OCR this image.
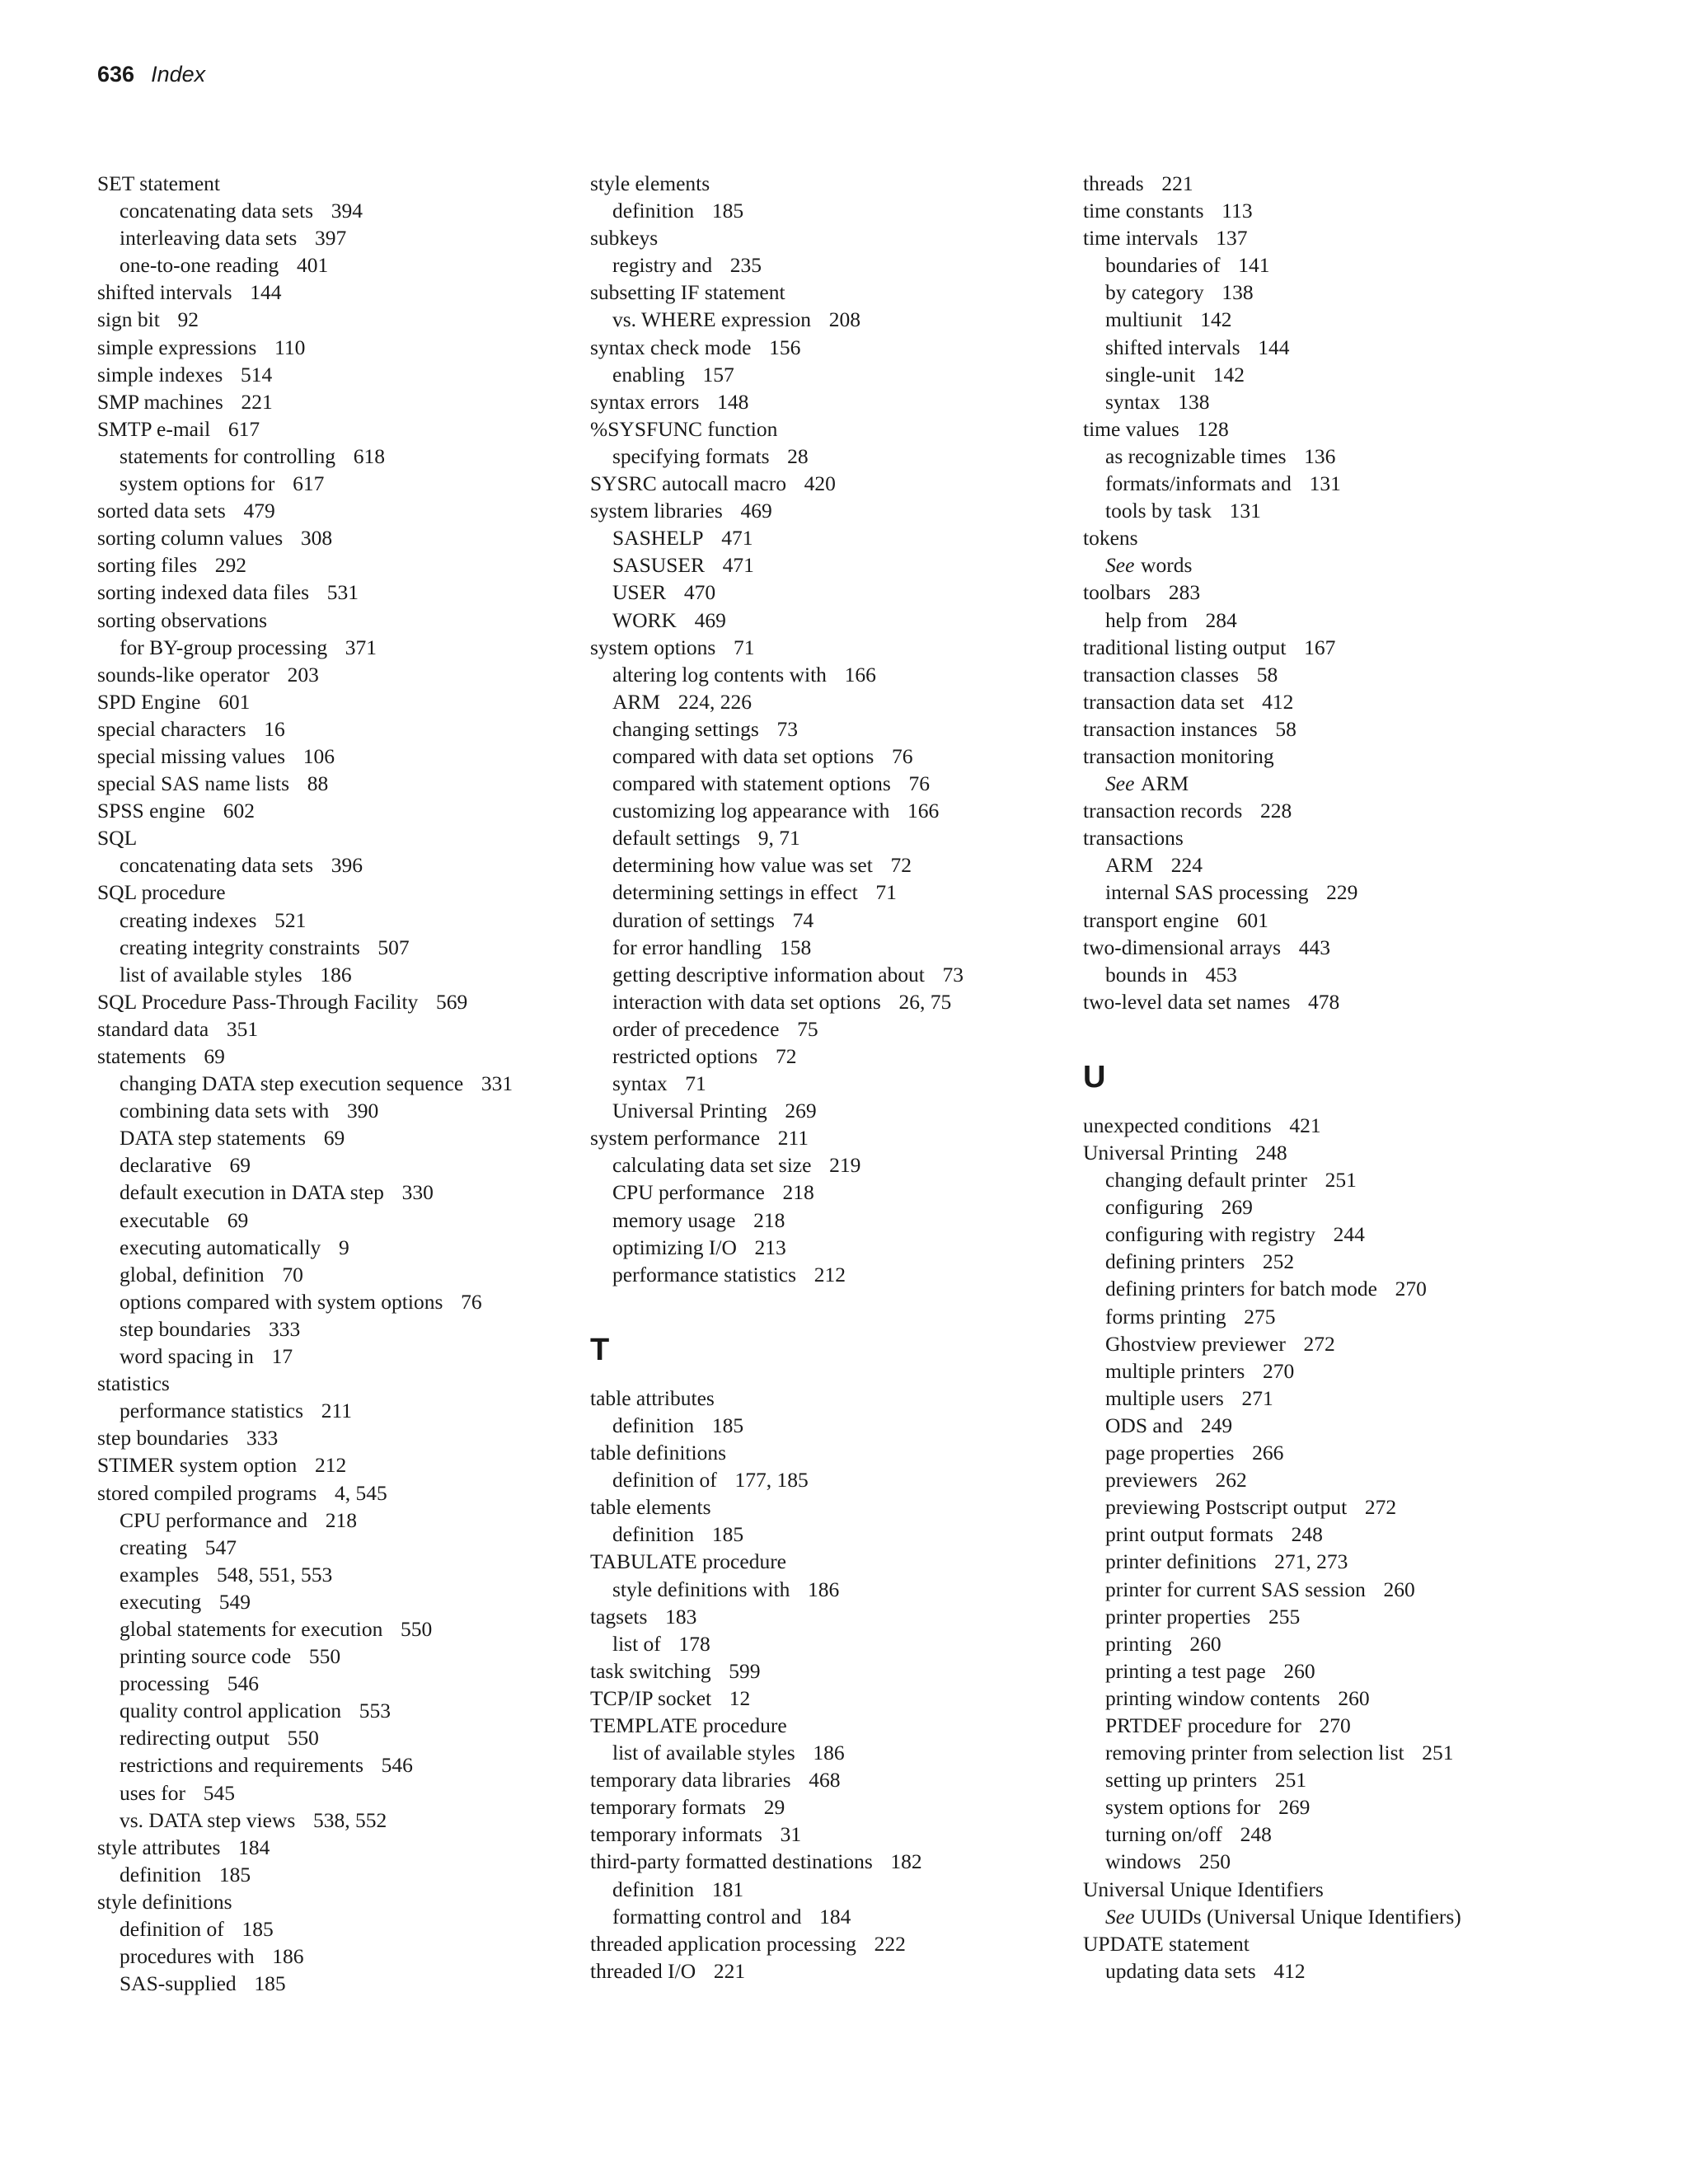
636 Index
SET statement
concatenating data sets 394
interleaving data sets 397
one-to-one reading 401
shifted intervals 144
sign bit 92
simple expressions 110
simple indexes 514
SMP machines 221
SMTP e-mail 617
statements for controlling 618
system options for 617
sorted data sets 479
sorting column values 308
sorting files 292
sorting indexed data files 531
sorting observations
for BY-group processing 371
sounds-like operator 203
SPD Engine 601
special characters 16
special missing values 106
special SAS name lists 88
SPSS engine 602
SQL
concatenating data sets 396
SQL procedure
creating indexes 521
creating integrity constraints 507
list of available styles 186
SQL Procedure Pass-Through Facility 569
standard data 351
statements 69
changing DATA step execution sequence 331
combining data sets with 390
DATA step statements 69
declarative 69
default execution in DATA step 330
executable 69
executing automatically 9
global, definition 70
options compared with system options 76
step boundaries 333
word spacing in 17
statistics
performance statistics 211
step boundaries 333
STIMER system option 212
stored compiled programs 4, 545
CPU performance and 218
creating 547
examples 548, 551, 553
executing 549
global statements for execution 550
printing source code 550
processing 546
quality control application 553
redirecting output 550
restrictions and requirements 546
uses for 545
vs. DATA step views 538, 552
style attributes 184
definition 185
style definitions
definition of 185
procedures with 186
SAS-supplied 185
style elements
definition 185
subkeys
registry and 235
subsetting IF statement
vs. WHERE expression 208
syntax check mode 156
enabling 157
syntax errors 148
%SYSFUNC function
specifying formats 28
SYSRC autocall macro 420
system libraries 469
SASHELP 471
SASUSER 471
USER 470
WORK 469
system options 71
altering log contents with 166
ARM 224, 226
changing settings 73
compared with data set options 76
compared with statement options 76
customizing log appearance with 166
default settings 9, 71
determining how value was set 72
determining settings in effect 71
duration of settings 74
for error handling 158
getting descriptive information about 73
interaction with data set options 26, 75
order of precedence 75
restricted options 72
syntax 71
Universal Printing 269
system performance 211
calculating data set size 219
CPU performance 218
memory usage 218
optimizing I/O 213
performance statistics 212
T
table attributes
definition 185
table definitions
definition of 177, 185
table elements
definition 185
TABULATE procedure
style definitions with 186
tagsets 183
list of 178
task switching 599
TCP/IP socket 12
TEMPLATE procedure
list of available styles 186
temporary data libraries 468
temporary formats 29
temporary informats 31
third-party formatted destinations 182
definition 181
formatting control and 184
threaded application processing 222
threaded I/O 221
threads 221
time constants 113
time intervals 137
boundaries of 141
by category 138
multiunit 142
shifted intervals 144
single-unit 142
syntax 138
time values 128
as recognizable times 136
formats/informats and 131
tools by task 131
tokens
See words
toolbars 283
help from 284
traditional listing output 167
transaction classes 58
transaction data set 412
transaction instances 58
transaction monitoring
See ARM
transaction records 228
transactions
ARM 224
internal SAS processing 229
transport engine 601
two-dimensional arrays 443
bounds in 453
two-level data set names 478
U
unexpected conditions 421
Universal Printing 248
changing default printer 251
configuring 269
configuring with registry 244
defining printers 252
defining printers for batch mode 270
forms printing 275
Ghostview previewer 272
multiple printers 270
multiple users 271
ODS and 249
page properties 266
previewers 262
previewing Postscript output 272
print output formats 248
printer definitions 271, 273
printer for current SAS session 260
printer properties 255
printing 260
printing a test page 260
printing window contents 260
PRTDEF procedure for 270
removing printer from selection list 251
setting up printers 251
system options for 269
turning on/off 248
windows 250
Universal Unique Identifiers
See UUIDs (Universal Unique Identifiers)
UPDATE statement
updating data sets 412
